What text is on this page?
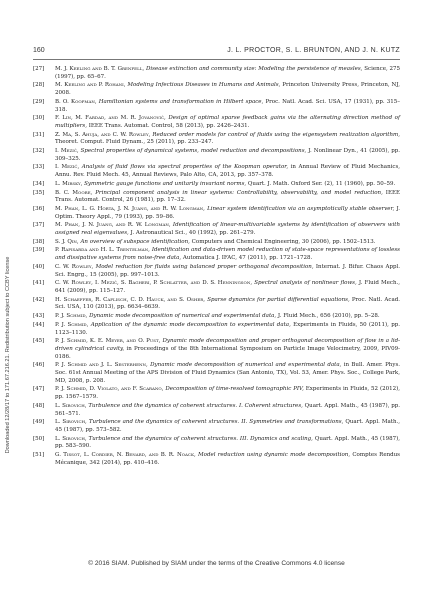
Downloaded 12/28/17 to 171.67.216.21. Redistribution subject to CCBY license
160	J. L. PROCTOR, S. L. BRUNTON, AND J. N. KUTZ
[27] M. J. Keeling and B. T. Grenfell, Disease extinction and community size: Modeling the persistence of measles, Science, 275 (1997), pp. 65–67.
[28] M. Keeling and P. Rohani, Modeling Infectious Diseases in Humans and Animals, Princeton University Press, Princeton, NJ, 2008.
[29] B. O. Koopman, Hamiltonian systems and transformation in Hilbert space, Proc. Natl. Acad. Sci. USA, 17 (1931), pp. 315–318.
[30] F. Lin, M. Fardad, and M. R. Jovanović, Design of optimal sparse feedback gains via the alternating direction method of multipliers, IEEE Trans. Automat. Control, 58 (2013), pp. 2426–2431.
[31] Z. Ma, S. Ahuja, and C. W. Rowley, Reduced order models for control of fluids using the eigensystem realization algorithm, Theoret. Comput. Fluid Dynam., 25 (2011), pp. 233–247.
[32] I. Mezić, Spectral properties of dynamical systems, model reduction and decompositions, J. Nonlinear Dyn., 41 (2005), pp. 309–325.
[33] I. Mezić, Analysis of fluid flows via spectral properties of the Koopman operator, in Annual Review of Fluid Mechanics, Annu. Rev. Fluid Mech. 45, Annual Reviews, Palo Alto, CA, 2013, pp. 357–378.
[34] L. Mirsky, Symmetric gauge functions and unitarily invariant norms, Quart. J. Math. Oxford Ser. (2), 11 (1960), pp. 50–59.
[35] B. C. Moore, Principal component analysis in linear systems: Controllability, observability, and model reduction, IEEE Trans. Automat. Control, 26 (1981), pp. 17–32.
[36] M. Phan, L. G. Horta, J. N. Juang, and R. W. Longman, Linear system identification via an asymptotically stable observer, J. Optim. Theory Appl., 79 (1993), pp. 59–86.
[37] M. Phan, J. N. Juang, and R. W. Longman, Identification of linear-multivariable systems by identification of observers with assigned real eigenvalues, J. Astronautical Sci., 40 (1992), pp. 261–279.
[38] S. J. Qin, An overview of subspace identification, Computers and Chemical Engineering, 30 (2006), pp. 1502–1513.
[39] P. Rapisarda and H. L. Trentelman, Identification and data-driven model reduction of state-space representations of lossless and dissipative systems from noise-free data, Automatica J. IFAC, 47 (2011), pp. 1721–1728.
[40] C. W. Rowley, Model reduction for fluids using balanced proper orthogonal decomposition, Internat. J. Bifur. Chaos Appl. Sci. Engrg., 15 (2005), pp. 997–1013.
[41] C. W. Rowley, I. Mezić, S. Bagheri, P. Schlatter, and D. S. Henningson, Spectral analysis of nonlinear flows, J. Fluid Mech., 641 (2009), pp. 115–127.
[42] H. Schaeffer, R. Caflisch, C. D. Hauck, and S. Osher, Sparse dynamics for partial differential equations, Proc. Natl. Acad. Sci. USA, 110 (2013), pp. 6634–6639.
[43] P. J. Schmid, Dynamic mode decomposition of numerical and experimental data, J. Fluid Mech., 656 (2010), pp. 5–28.
[44] P. J. Schmid, Application of the dynamic mode decomposition to experimental data, Experiments in Fluids, 50 (2011), pp. 1123–1130.
[45] P. J. Schmid, K. E. Meyer, and O. Pust, Dynamic mode decomposition and proper orthogonal decomposition of flow in a lid-driven cylindrical cavity, in Proceedings of the 8th International Symposium on Particle Image Velocimetry, 2009, PIV09-0186.
[46] P. J. Schmid and J. L. Sesterhenn, Dynamic mode decomposition of numerical and experimental data, in Bull. Amer. Phys. Soc. 61st Annual Meeting of the APS Division of Fluid Dynamics (San Antonio, TX), Vol. 53, Amer. Phys. Soc., College Park, MD, 2008, p. 208.
[47] P. J. Schmid, D. Violato, and F. Scarano, Decomposition of time-resolved tomographic PIV, Experiments in Fluids, 52 (2012), pp. 1567–1579.
[48] L. Sirovich, Turbulence and the dynamics of coherent structures. I. Coherent structures, Quart. Appl. Math., 45 (1987), pp. 561–571.
[49] L. Sirovich, Turbulence and the dynamics of coherent structures. II. Symmetries and transformations, Quart. Appl. Math., 45 (1987), pp. 573–582.
[50] L. Sirovich, Turbulence and the dynamics of coherent structures. III. Dynamics and scaling, Quart. Appl. Math., 45 (1987), pp. 583–590.
[51] G. Tissot, L. Cordier, N. Benard, and B. R. Noack, Model reduction using dynamic mode decomposition, Comptes Rendus Mécanique, 342 (2014), pp. 410–416.
© 2016 SIAM. Published by SIAM under the terms of the Creative Commons 4.0 license
